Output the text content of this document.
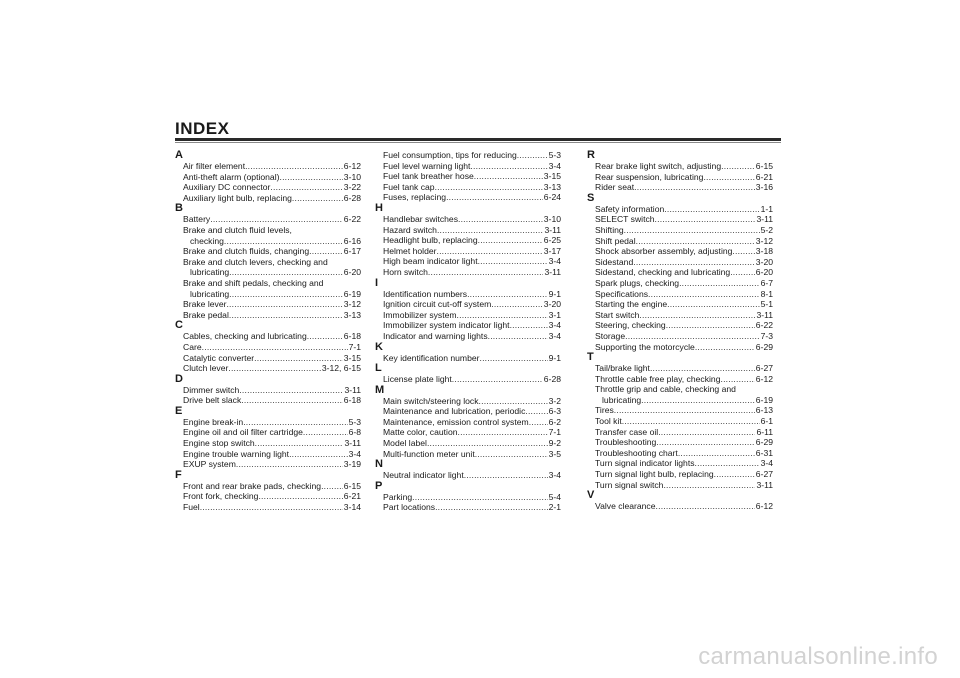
INDEX
A
Air filter element .....	6-12
Anti-theft alarm (optional) .....	3-10
Auxiliary DC connector .....	3-22
Auxiliary light bulb, replacing .....	6-28
B
Battery .....	6-22
Brake and clutch fluid levels,
checking .....	6-16
Brake and clutch fluids, changing .....	6-17
Brake and clutch levers, checking and
lubricating .....	6-20
Brake and shift pedals, checking and
lubricating .....	6-19
Brake lever .....	3-12
Brake pedal .....	3-13
C
Cables, checking and lubricating .....	6-18
Care .....	7-1
Catalytic converter .....	3-15
Clutch lever .....	3-12, 6-15
D
Dimmer switch .....	3-11
Drive belt slack .....	6-18
E
Engine break-in .....	5-3
Engine oil and oil filter cartridge .....	6-8
Engine stop switch .....	3-11
Engine trouble warning light .....	3-4
EXUP system .....	3-19
F
Front and rear brake pads, checking .....	6-15
Front fork, checking .....	6-21
Fuel .....	3-14
Fuel consumption, tips for reducing .....	5-3
Fuel level warning light .....	3-4
Fuel tank breather hose .....	3-15
Fuel tank cap .....	3-13
Fuses, replacing .....	6-24
H
Handlebar switches .....	3-10
Hazard switch .....	3-11
Headlight bulb, replacing .....	6-25
Helmet holder .....	3-17
High beam indicator light .....	3-4
Horn switch .....	3-11
I
Identification numbers .....	9-1
Ignition circuit cut-off system .....	3-20
Immobilizer system .....	3-1
Immobilizer system indicator light .....	3-4
Indicator and warning lights .....	3-4
K
Key identification number .....	9-1
L
License plate light .....	6-28
M
Main switch/steering lock .....	3-2
Maintenance and lubrication, periodic .....	6-3
Maintenance, emission control system ..... 6-2
Matte color, caution .....	7-1
Model label .....	9-2
Multi-function meter unit .....	3-5
N
Neutral indicator light .....	3-4
P
Parking .....	5-4
Part locations .....	2-1
R
Rear brake light switch, adjusting .....	6-15
Rear suspension, lubricating .....	6-21
Rider seat .....	3-16
S
Safety information .....	1-1
SELECT switch .....	3-11
Shifting .....	5-2
Shift pedal .....	3-12
Shock absorber assembly, adjusting .....	3-18
Sidestand .....	3-20
Sidestand, checking and lubricating .....	6-20
Spark plugs, checking .....	6-7
Specifications .....	8-1
Starting the engine .....	5-1
Start switch .....	3-11
Steering, checking .....	6-22
Storage .....	7-3
Supporting the motorcycle .....	6-29
T
Tail/brake light .....	6-27
Throttle cable free play, checking .....	6-12
Throttle grip and cable, checking and
lubricating .....	6-19
Tires .....	6-13
Tool kit .....	6-1
Transfer case oil .....	6-11
Troubleshooting .....	6-29
Troubleshooting chart .....	6-31
Turn signal indicator lights .....	3-4
Turn signal light bulb, replacing .....	6-27
Turn signal switch .....	3-11
V
Valve clearance .....	6-12
carmanualsonline.info
